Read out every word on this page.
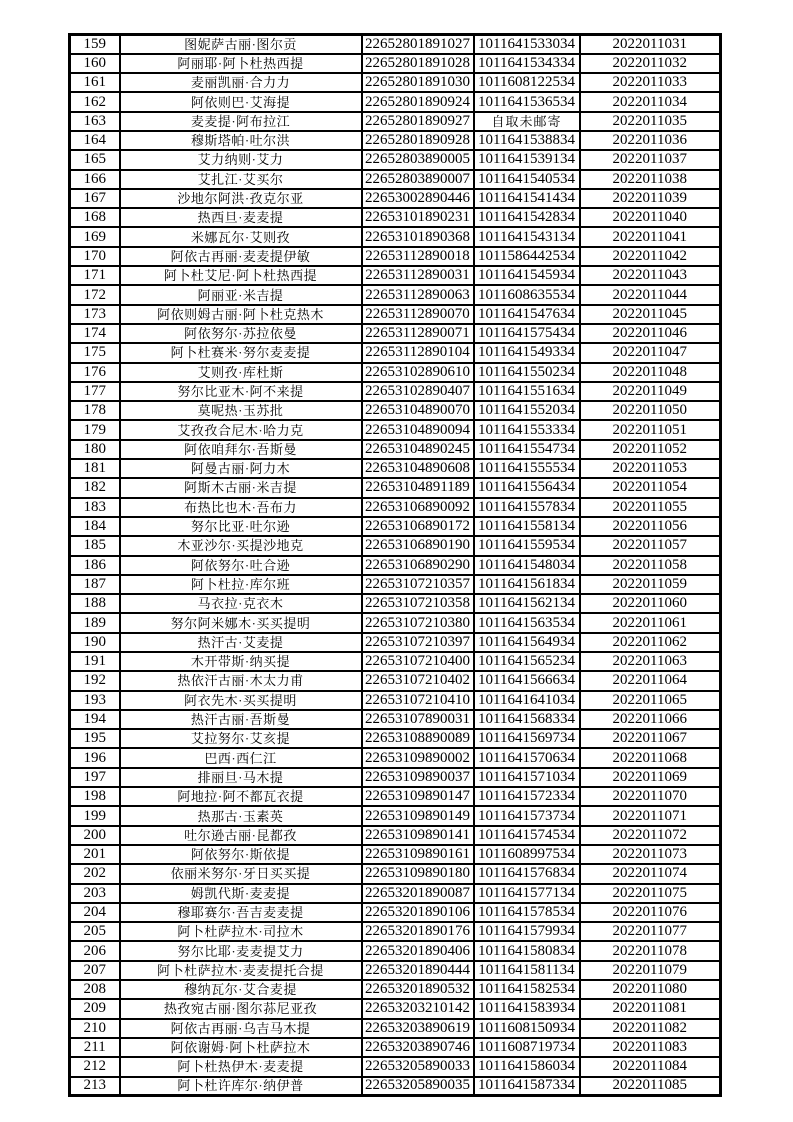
159	图妮萨古丽·图尔贡	22652801891027	1011641533034	2022011031
160	阿丽耶·阿卜杜热西提	22652801891028	1011641534334	2022011032
161	麦丽凯丽·合力力	22652801891030	1011608122534	2022011033
162	阿依则巴·艾海提	22652801890924	1011641536534	2022011034
163	麦麦提·阿布拉江	22652801890927	自取未邮寄	2022011035
164	穆斯塔帕·吐尔洪	22652801890928	1011641538834	2022011036
165	艾力纳则·艾力	22652803890005	1011641539134	2022011037
166	艾扎江·艾买尔	22652803890007	1011641540534	2022011038
167	沙地尔阿洪·孜克尔亚	22653002890446	1011641541434	2022011039
168	热西旦·麦麦提	22653101890231	1011641542834	2022011040
169	米娜瓦尔·艾则孜	22653101890368	1011641543134	2022011041
170	阿依古再丽·麦麦提伊敏	22653112890018	1011586442534	2022011042
171	阿卜杜艾尼·阿卜杜热西提	22653112890031	1011641545934	2022011043
172	阿丽亚·米吉提	22653112890063	1011608635534	2022011044
173	阿依则姆古丽·阿卜杜克热木	22653112890070	1011641547634	2022011045
174	阿依努尔·苏拉依曼	22653112890071	1011641575434	2022011046
175	阿卜杜赛米·努尔麦麦提	22653112890104	1011641549334	2022011047
176	艾则孜·库杜斯	22653102890610	1011641550234	2022011048
177	努尔比亚木·阿不来提	22653102890407	1011641551634	2022011049
178	莫呢热·玉苏批	22653104890070	1011641552034	2022011050
179	艾孜孜合尼木·哈力克	22653104890094	1011641553334	2022011051
180	阿依咱拜尔·吾斯曼	22653104890245	1011641554734	2022011052
181	阿曼古丽·阿力木	22653104890608	1011641555534	2022011053
182	阿斯木古丽·米吉提	22653104891189	1011641556434	2022011054
183	布热比也木·吾布力	22653106890092	1011641557834	2022011055
184	努尔比亚·吐尔逊	22653106890172	1011641558134	2022011056
185	木亚沙尔·买提沙地克	22653106890190	1011641559534	2022011057
186	阿依努尔·吐合逊	22653106890290	1011641548034	2022011058
187	阿卜杜拉·库尔班	22653107210357	1011641561834	2022011059
188	马衣拉·克衣木	22653107210358	1011641562134	2022011060
189	努尔阿米娜木·买买提明	22653107210380	1011641563534	2022011061
190	热汗古·艾麦提	22653107210397	1011641564934	2022011062
191	木开带斯·纳买提	22653107210400	1011641565234	2022011063
192	热依汗古丽·木太力甫	22653107210402	1011641566634	2022011064
193	阿衣先木·买买提明	22653107210410	1011641641034	2022011065
194	热汗古丽·吾斯曼	22653107890031	1011641568334	2022011066
195	艾拉努尔·艾亥提	22653108890089	1011641569734	2022011067
196	巴西·西仁江	22653109890002	1011641570634	2022011068
197	排丽旦·马木提	22653109890037	1011641571034	2022011069
198	阿地拉·阿不都瓦衣提	22653109890147	1011641572334	2022011070
199	热那古·玉素英	22653109890149	1011641573734	2022011071
200	吐尔逊古丽·昆都孜	22653109890141	1011641574534	2022011072
201	阿依努尔·斯依提	22653109890161	1011608997534	2022011073
202	依丽米努尔·牙日买买提	22653109890180	1011641576834	2022011074
203	姆凯代斯·麦麦提	22653201890087	1011641577134	2022011075
204	穆耶赛尔·吾吉麦麦提	22653201890106	1011641578534	2022011076
205	阿卜杜萨拉木·司拉木	22653201890176	1011641579934	2022011077
206	努尔比耶·麦麦提艾力	22653201890406	1011641580834	2022011078
207	阿卜杜萨拉木·麦麦提托合提	22653201890444	1011641581134	2022011079
208	穆纳瓦尔·艾合麦提	22653201890532	1011641582534	2022011080
209	热孜宛古丽·图尔荪尼亚孜	22653203210142	1011641583934	2022011081
210	阿依古再丽·乌吉马木提	22653203890619	1011608150934	2022011082
211	阿依谢姆·阿卜杜萨拉木	22653203890746	1011608719734	2022011083
212	阿卜杜热伊木·麦麦提	22653205890033	1011641586034	2022011084
213	阿卜杜许库尔·纳伊普	22653205890035	1011641587334	2022011085
